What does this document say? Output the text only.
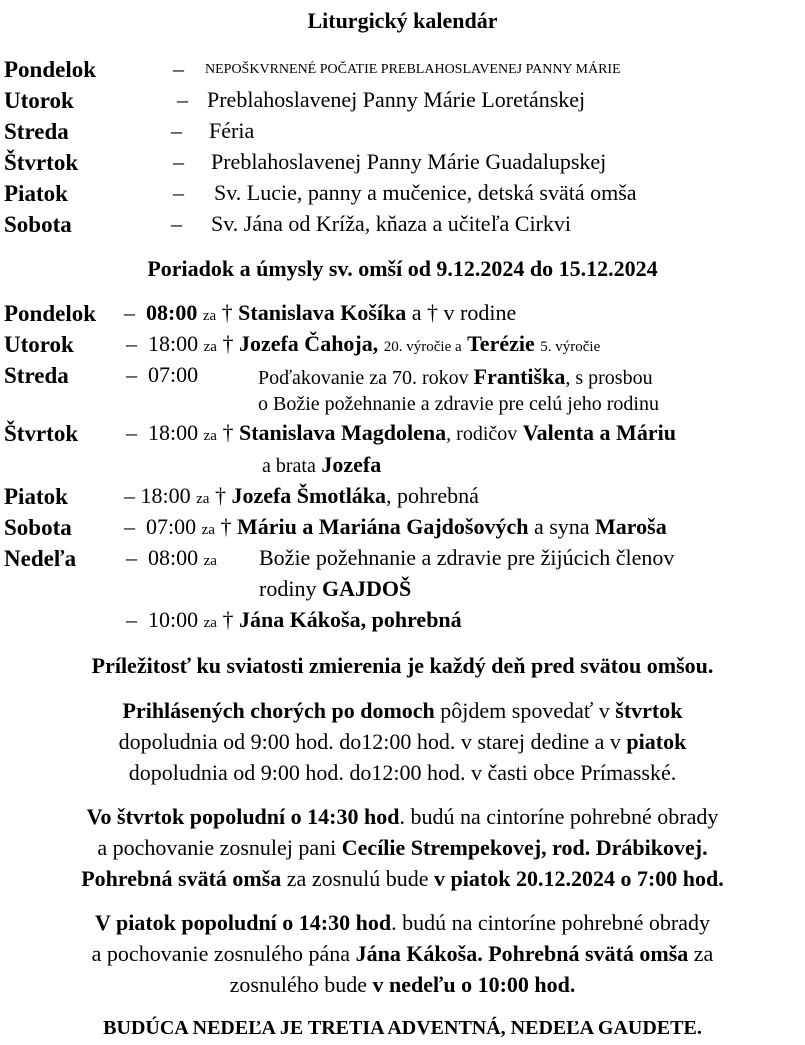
Liturgický kalendár
Pondelok	– NEPOŠKVRNENÉ POČATIE PREBLAHOSLAVENEJ PANNY MÁRIE
Utorok	– Preblahoslavenej Panny Márie Loretánskej
Streda	– Féria
Štvrtok	– Preblahoslavenej Panny Márie Guadalupskej
Piatok	– Sv. Lucie, panny a mučenice, detská svätá omša
Sobota	– Sv. Jána od Kríža, kňaza a učiteľa Cirkvi
Poriadok a úmysly sv. omší od 9.12.2024 do 15.12.2024
Pondelok	– 08:00 za † Stanislava Košíka a † v rodine
Utorok – 18:00 za † Jozefa Čahoja, 20. výročie a Terézie 5. výročie
Streda	– 07:00	Poďakovanie za 70. rokov Františka, s prosbou
o Božie požehnanie a zdravie pre celú jeho rodinu
Štvrtok – 18:00 za † Stanislava Magdolena, rodičov Valenta a Máriu
a brata Jozefa
Piatok	– 18:00 za † Jozefa Šmotláka, pohrebná
Sobota – 07:00 za † Máriu a Mariána Gajdošových a syna Maroša
Nedeľa – 08:00 za Božie požehnanie a zdravie pre žijúcich členov
rodiny GAJDOŠ
– 10:00 za † Jána Kákoša, pohrebná
Príležitosť ku sviatosti zmierenia je každý deň pred svätou omšou.
Prihlásených chorých po domoch pôjdem spovedať v štvrtok
dopoludnia od 9:00 hod. do12:00 hod. v starej dedine a v piatok
dopoludnia od 9:00 hod. do12:00 hod. v časti obce Prímasské.
Vo štvrtok popoludní o 14:30 hod. budú na cintoríne pohrebné obrady
a pochovanie zosnulej pani Cecílie Strempekovej, rod. Drábikovej.
Pohrebná svätá omša za zosnulú bude v piatok 20.12.2024 o 7:00 hod.
V piatok popoludní o 14:30 hod. budú na cintoríne pohrebné obrady
a pochovanie zosnulého pána Jána Kákoša. Pohrebná svätá omša za
zosnulého bude v nedeľu o 10:00 hod.
BUDÚCA NEDEĽA JE TRETIA ADVENTNÁ, NEDEĽA GAUDETE.
